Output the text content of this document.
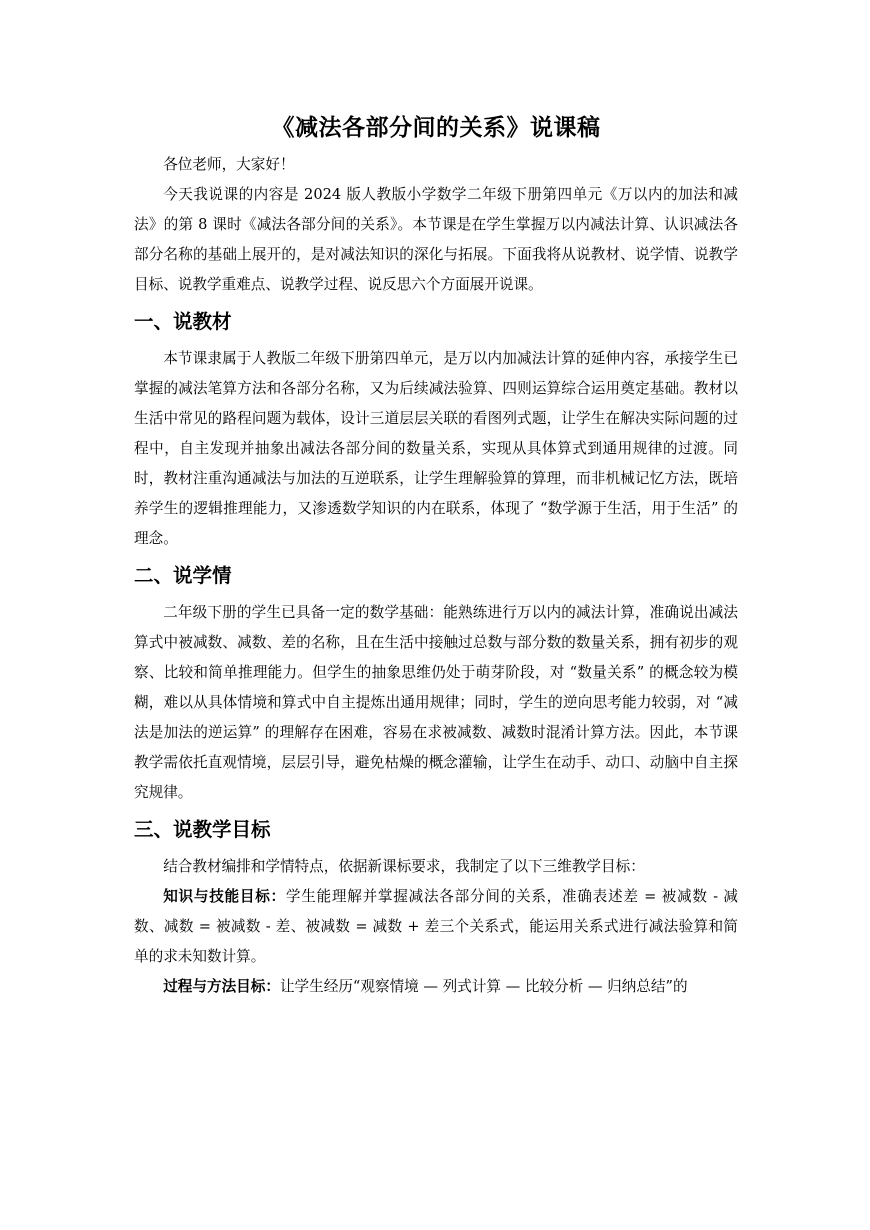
《减法各部分间的关系》说课稿

各位老师，大家好！

今天我说课的内容是 2024 版人教版小学数学二年级下册第四单元《万以内的加法和减法》的第 8 课时《减法各部分间的关系》。本节课是在学生掌握万以内减法计算、认识减法各部分名称的基础上展开的，是对减法知识的深化与拓展。下面我将从说教材、说学情、说教学目标、说教学重难点、说教学过程、说反思六个方面展开说课。

一、说教材

本节课隶属于人教版二年级下册第四单元，是万以内加减法计算的延伸内容，承接学生已掌握的减法笔算方法和各部分名称，又为后续减法验算、四则运算综合运用奠定基础。教材以生活中常见的路程问题为载体，设计三道层层关联的看图列式题，让学生在解决实际问题的过程中，自主发现并抽象出减法各部分间的数量关系，实现从具体算式到通用规律的过渡。同时，教材注重沟通减法与加法的互逆联系，让学生理解验算的算理，而非机械记忆方法，既培养学生的逻辑推理能力，又渗透数学知识的内在联系，体现了 “数学源于生活，用于生活” 的理念。

二、说学情

二年级下册的学生已具备一定的数学基础：能熟练进行万以内的减法计算，准确说出减法算式中被减数、减数、差的名称，且在生活中接触过总数与部分数的数量关系，拥有初步的观察、比较和简单推理能力。但学生的抽象思维仍处于萌芽阶段，对 “数量关系” 的概念较为模糊，难以从具体情境和算式中自主提炼出通用规律；同时，学生的逆向思考能力较弱，对 “减法是加法的逆运算” 的理解存在困难，容易在求被减数、减数时混淆计算方法。因此，本节课教学需依托直观情境，层层引导，避免枯燥的概念灌输，让学生在动手、动口、动脑中自主探究规律。

三、说教学目标

结合教材编排和学情特点，依据新课标要求，我制定了以下三维教学目标：

知识与技能目标：学生能理解并掌握减法各部分间的关系，准确表述差 = 被减数 - 减数、减数 = 被减数 - 差、被减数 = 减数 + 差三个关系式，能运用关系式进行减法验算和简单的求未知数计算。

过程与方法目标：让学生经历“观察情境 — 列式计算 — 比较分析 — 归纳总结”的
